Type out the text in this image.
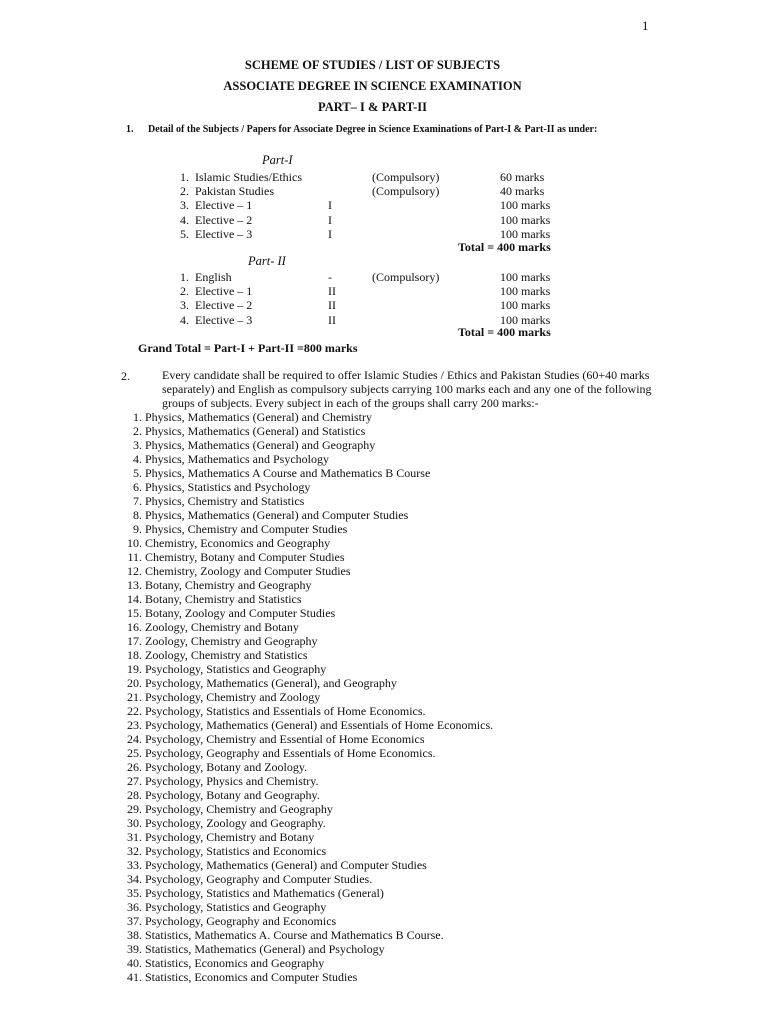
1
SCHEME OF STUDIES / LIST OF SUBJECTS
ASSOCIATE DEGREE IN SCIENCE EXAMINATION
PART– I & PART-II
1. Detail of the Subjects / Papers for Associate Degree in Science Examinations of Part-I & Part-II as under:
Part-I
1. Islamic Studies/Ethics	(Compulsory)	60 marks
2. Pakistan Studies	(Compulsory)	40 marks
3. Elective – 1	I	100 marks
4. Elective – 2	I	100 marks
5. Elective – 3	I	100 marks
Total = 400 marks
Part- II
1. English	-	(Compulsory)	100 marks
2. Elective – 1	II	100 marks
3. Elective – 2	II	100 marks
4. Elective – 3	II	100 marks
Total = 400 marks
Grand Total = Part-I + Part-II =800 marks
2.	Every candidate shall be required to offer Islamic Studies / Ethics and Pakistan Studies (60+40 marks separately) and English as compulsory subjects carrying 100 marks each and any one of the following groups of subjects. Every subject in each of the groups shall carry 200 marks:-
1. Physics, Mathematics (General) and Chemistry
2. Physics, Mathematics (General) and Statistics
3. Physics, Mathematics (General) and Geography
4. Physics, Mathematics and Psychology
5. Physics, Mathematics A Course and Mathematics B Course
6. Physics, Statistics and Psychology
7. Physics, Chemistry and Statistics
8. Physics, Mathematics (General) and Computer Studies
9. Physics, Chemistry and Computer Studies
10. Chemistry, Economics and Geography
11. Chemistry, Botany and Computer Studies
12. Chemistry, Zoology and Computer Studies
13. Botany, Chemistry and Geography
14. Botany, Chemistry and Statistics
15. Botany, Zoology and Computer Studies
16. Zoology, Chemistry and Botany
17. Zoology, Chemistry and Geography
18. Zoology, Chemistry and Statistics
19. Psychology, Statistics and Geography
20. Psychology, Mathematics (General), and Geography
21. Psychology, Chemistry and Zoology
22. Psychology, Statistics and Essentials of Home Economics.
23. Psychology, Mathematics (General) and Essentials of Home Economics.
24. Psychology, Chemistry and Essential of Home Economics
25. Psychology, Geography and Essentials of Home Economics.
26. Psychology, Botany and Zoology.
27. Psychology, Physics and Chemistry.
28. Psychology, Botany and Geography.
29. Psychology, Chemistry and Geography
30. Psychology, Zoology and Geography.
31. Psychology, Chemistry and Botany
32. Psychology, Statistics and Economics
33. Psychology, Mathematics (General) and Computer Studies
34. Psychology, Geography and Computer Studies.
35. Psychology, Statistics and Mathematics (General)
36. Psychology, Statistics and Geography
37. Psychology, Geography and Economics
38. Statistics, Mathematics A. Course and Mathematics B Course.
39. Statistics, Mathematics (General) and Psychology
40. Statistics, Economics and Geography
41. Statistics, Economics and Computer Studies
